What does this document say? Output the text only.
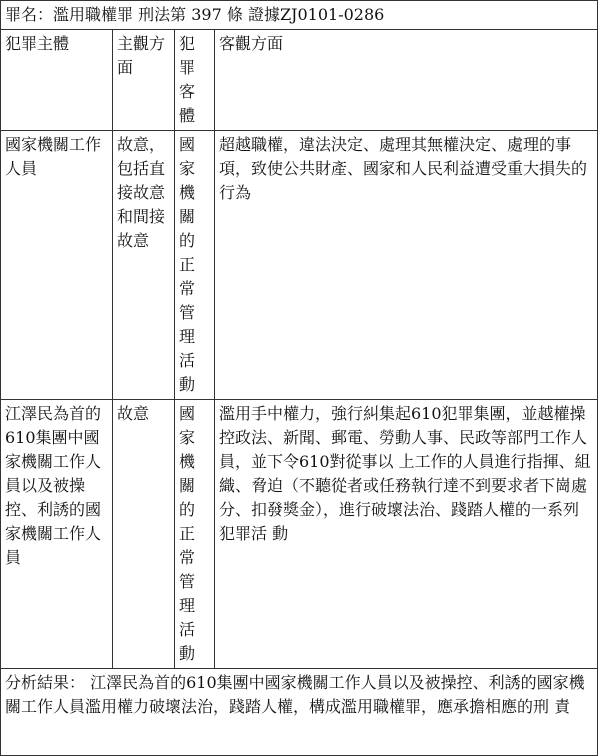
罪名：濫用職權罪 刑法第 397 條 證據ZJ0101-0286			
犯罪主體	主觀方面	犯罪客體	客觀方面
國家機關工作人員	故意，包括直接故意和間接故意	國家機關的正常管理活動	超越職權，違法決定、處理其無權決定、處理的事項，致使公共財產、國家和人民利益遭受重大損失的行為
江澤民為首的610集團中國家機關工作人員以及被操控、利誘的國家機關工作人員	故意	國家機關的正常管理活動	濫用手中權力，強行糾集起610犯罪集團，並越權操控政法、新聞、郵電、勞動人事、民政等部門工作人員，並下令610對從事以 上工作的人員進行指揮、組織、脅迫（不聽從者或任務執行達不到要求者下崗處分、扣發獎金），進行破壞法治、踐踏人權的一系列犯罪活 動
分析結果： 江澤民為首的610集團中國家機關工作人員以及被操控、利誘的國家機關工作人員濫用權力破壞法治，踐踏人權，構成濫用職權罪，應承擔相應的刑 責			
